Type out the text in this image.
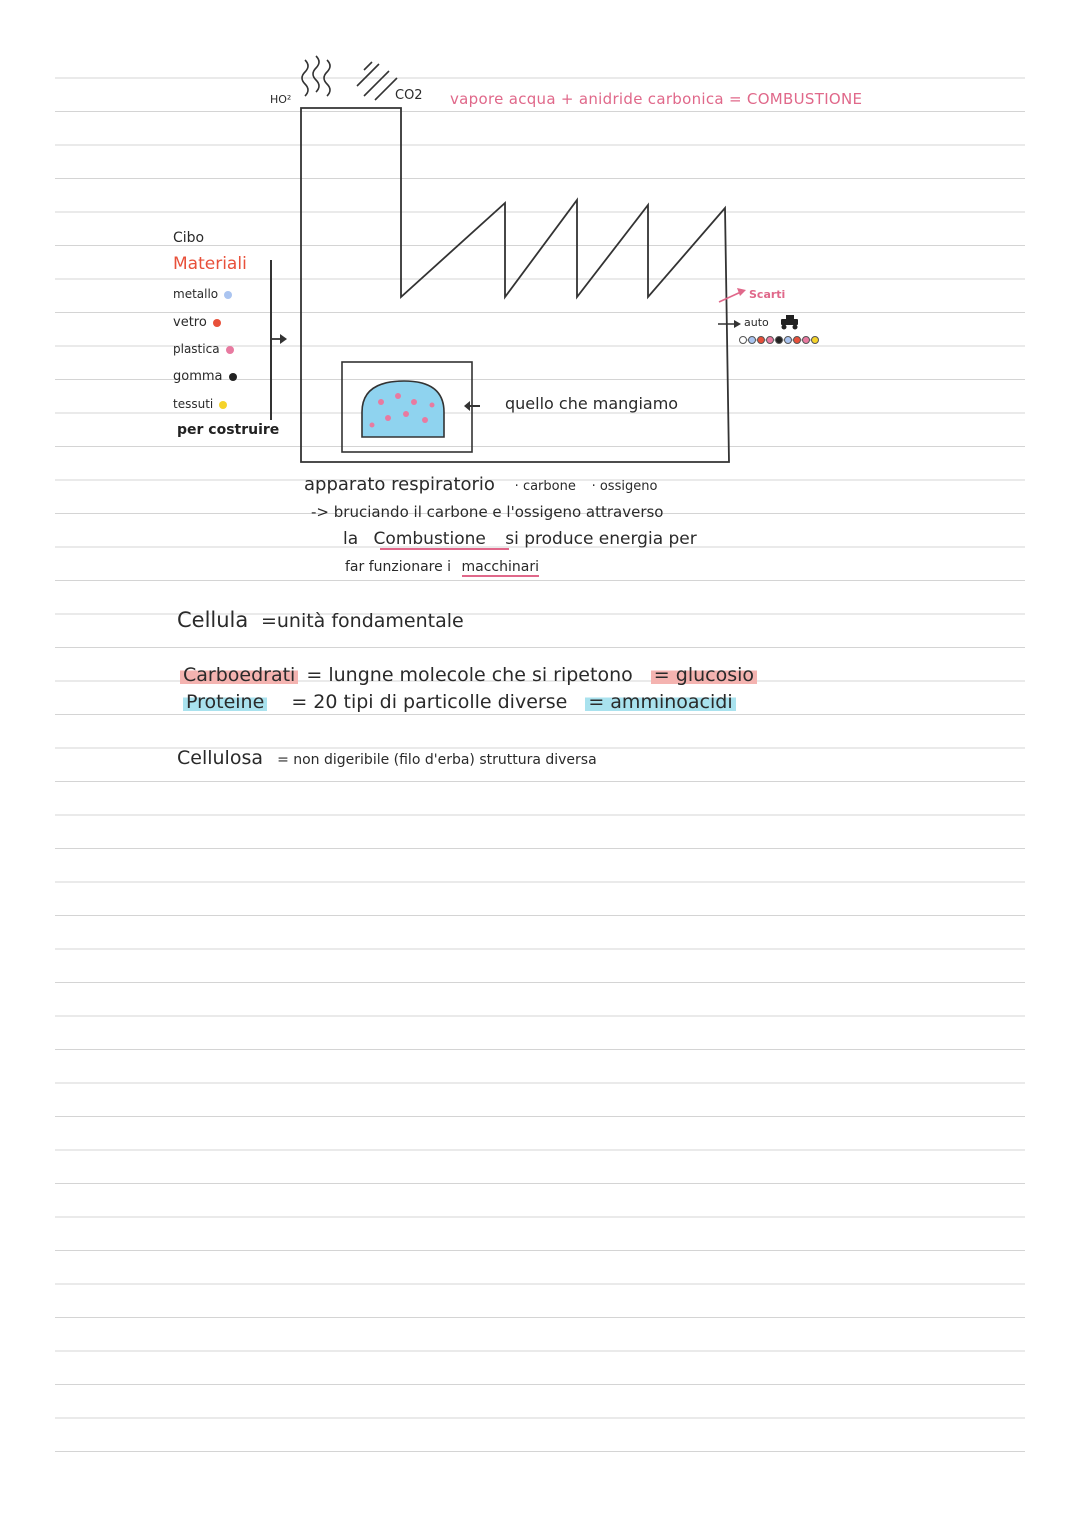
HO²	CO2 vapore acqua + anidride carbonica = COMBUSTIONE
Cibo
Materiali
metallo
vetro
plastica
gomma
tessuti
per costruire
Scarti
auto
quello che mangiamo
apparato respiratorio · carbone · ossigeno
-> bruciando il carbone e l'ossigeno attraverso
la Combustione si produce energia per
far funzionare i macchinari
Cellula =unità fondamentale
Carboedrati = lungne molecole che si ripetono = glucosio
Proteine = 20 tipi di particolle diverse = amminoacidi
Cellulosa = non digeribile (filo d'erba) struttura diversa
